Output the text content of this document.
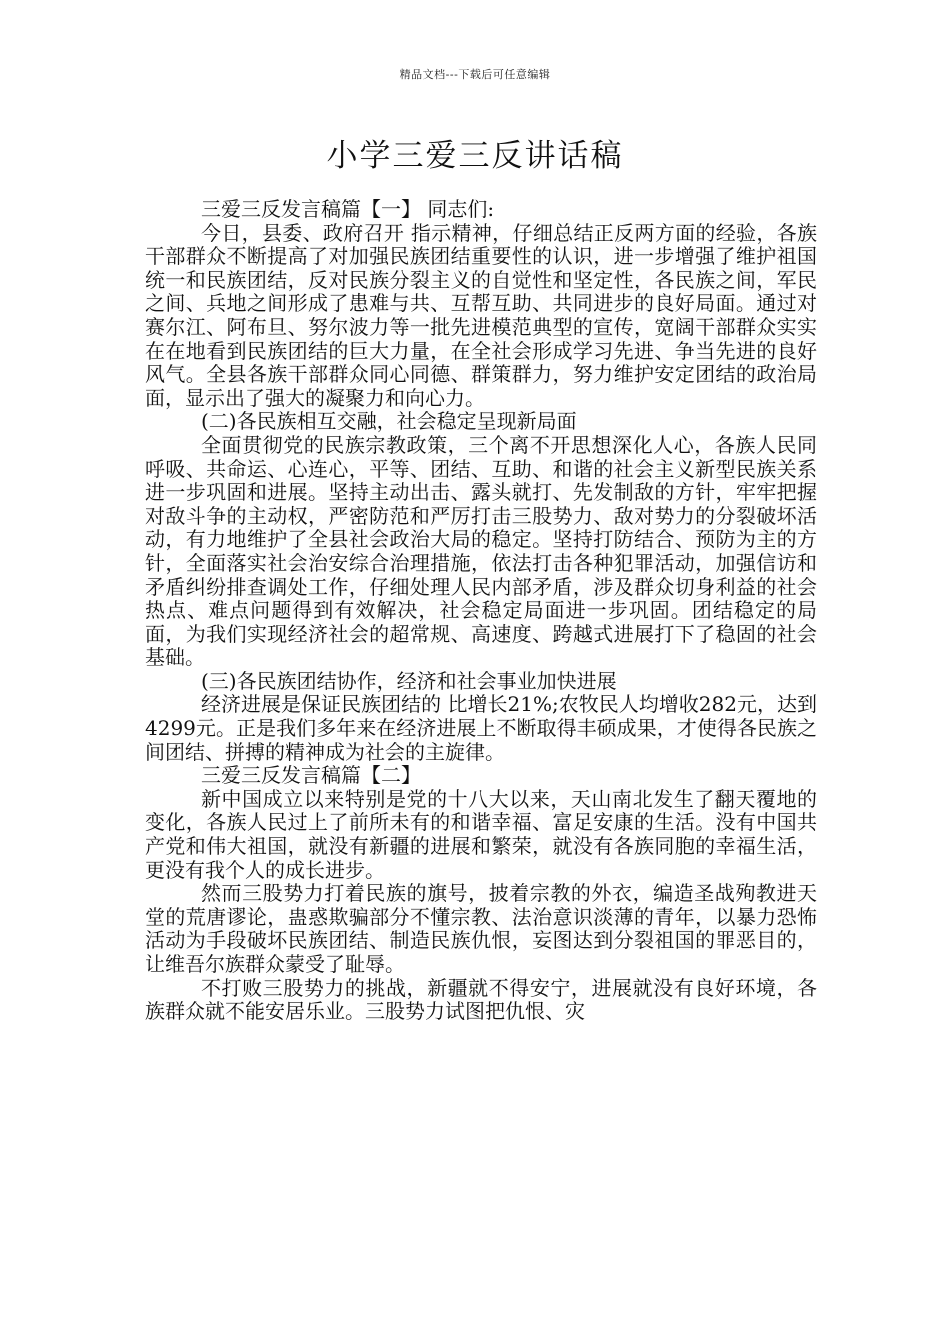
精品文档---下载后可任意编辑
小学三爱三反讲话稿

三爱三反发言稿篇【一】 同志们:

今日，县委、政府召开 指示精神，仔细总结正反两方面的经验，各族干部群众不断提高了对加强民族团结重要性的认识，进一步增强了维护祖国统一和民族团结，反对民族分裂主义的自觉性和坚定性，各民族之间，军民之间、兵地之间形成了患难与共、互帮互助、共同进步的良好局面。通过对赛尔江、阿布旦、努尔波力等一批先进模范典型的宣传，宽阔干部群众实实在在地看到民族团结的巨大力量，在全社会形成学习先进、争当先进的良好风气。全县各族干部群众同心同德、群策群力，努力维护安定团结的政治局面，显示出了强大的凝聚力和向心力。

(二)各民族相互交融，社会稳定呈现新局面

全面贯彻党的民族宗教政策，三个离不开思想深化人心，各族人民同呼吸、共命运、心连心，平等、团结、互助、和谐的社会主义新型民族关系进一步巩固和进展。坚持主动出击、露头就打、先发制敌的方针，牢牢把握对敌斗争的主动权，严密防范和严厉打击三股势力、敌对势力的分裂破坏活动，有力地维护了全县社会政治大局的稳定。坚持打防结合、预防为主的方针，全面落实社会治安综合治理措施，依法打击各种犯罪活动，加强信访和矛盾纠纷排查调处工作，仔细处理人民内部矛盾，涉及群众切身利益的社会热点、难点问题得到有效解决，社会稳定局面进一步巩固。团结稳定的局面，为我们实现经济社会的超常规、高速度、跨越式进展打下了稳固的社会基础。

(三)各民族团结协作，经济和社会事业加快进展

经济进展是保证民族团结的 比增长21%;农牧民人均增收282元，达到4299元。正是我们多年来在经济进展上不断取得丰硕成果，才使得各民族之间团结、拼搏的精神成为社会的主旋律。

三爱三反发言稿篇【二】

新中国成立以来特别是党的十八大以来，天山南北发生了翻天覆地的变化，各族人民过上了前所未有的和谐幸福、富足安康的生活。没有中国共产党和伟大祖国，就没有新疆的进展和繁荣，就没有各族同胞的幸福生活，更没有我个人的成长进步。

然而三股势力打着民族的旗号，披着宗教的外衣，编造圣战殉教进天堂的荒唐谬论，蛊惑欺骗部分不懂宗教、法治意识淡薄的青年，以暴力恐怖活动为手段破坏民族团结、制造民族仇恨，妄图达到分裂祖国的罪恶目的，让维吾尔族群众蒙受了耻辱。

不打败三股势力的挑战，新疆就不得安宁，进展就没有良好环境，各族群众就不能安居乐业。三股势力试图把仇恨、灾
